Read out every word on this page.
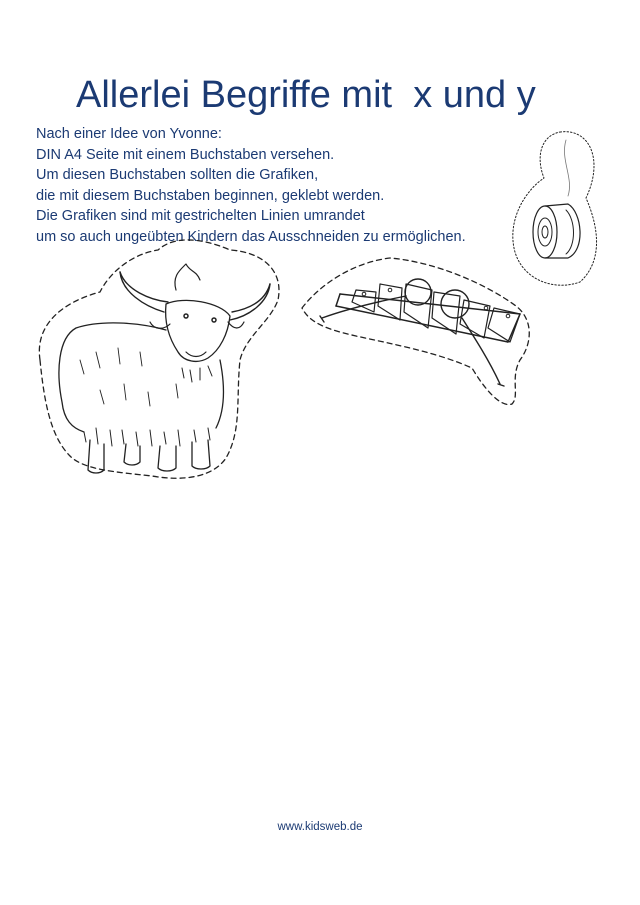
Allerlei Begriffe mit  x und y
Nach einer Idee von Yvonne:
DIN A4 Seite mit einem Buchstaben versehen.
Um diesen Buchstaben sollten die Grafiken,
die mit diesem Buchstaben beginnen, geklebt werden.
Die Grafiken sind mit gestrichelten Linien umrandet
um so auch ungeübten Kindern das Ausschneiden zu ermöglichen.
www.kidsweb.de
